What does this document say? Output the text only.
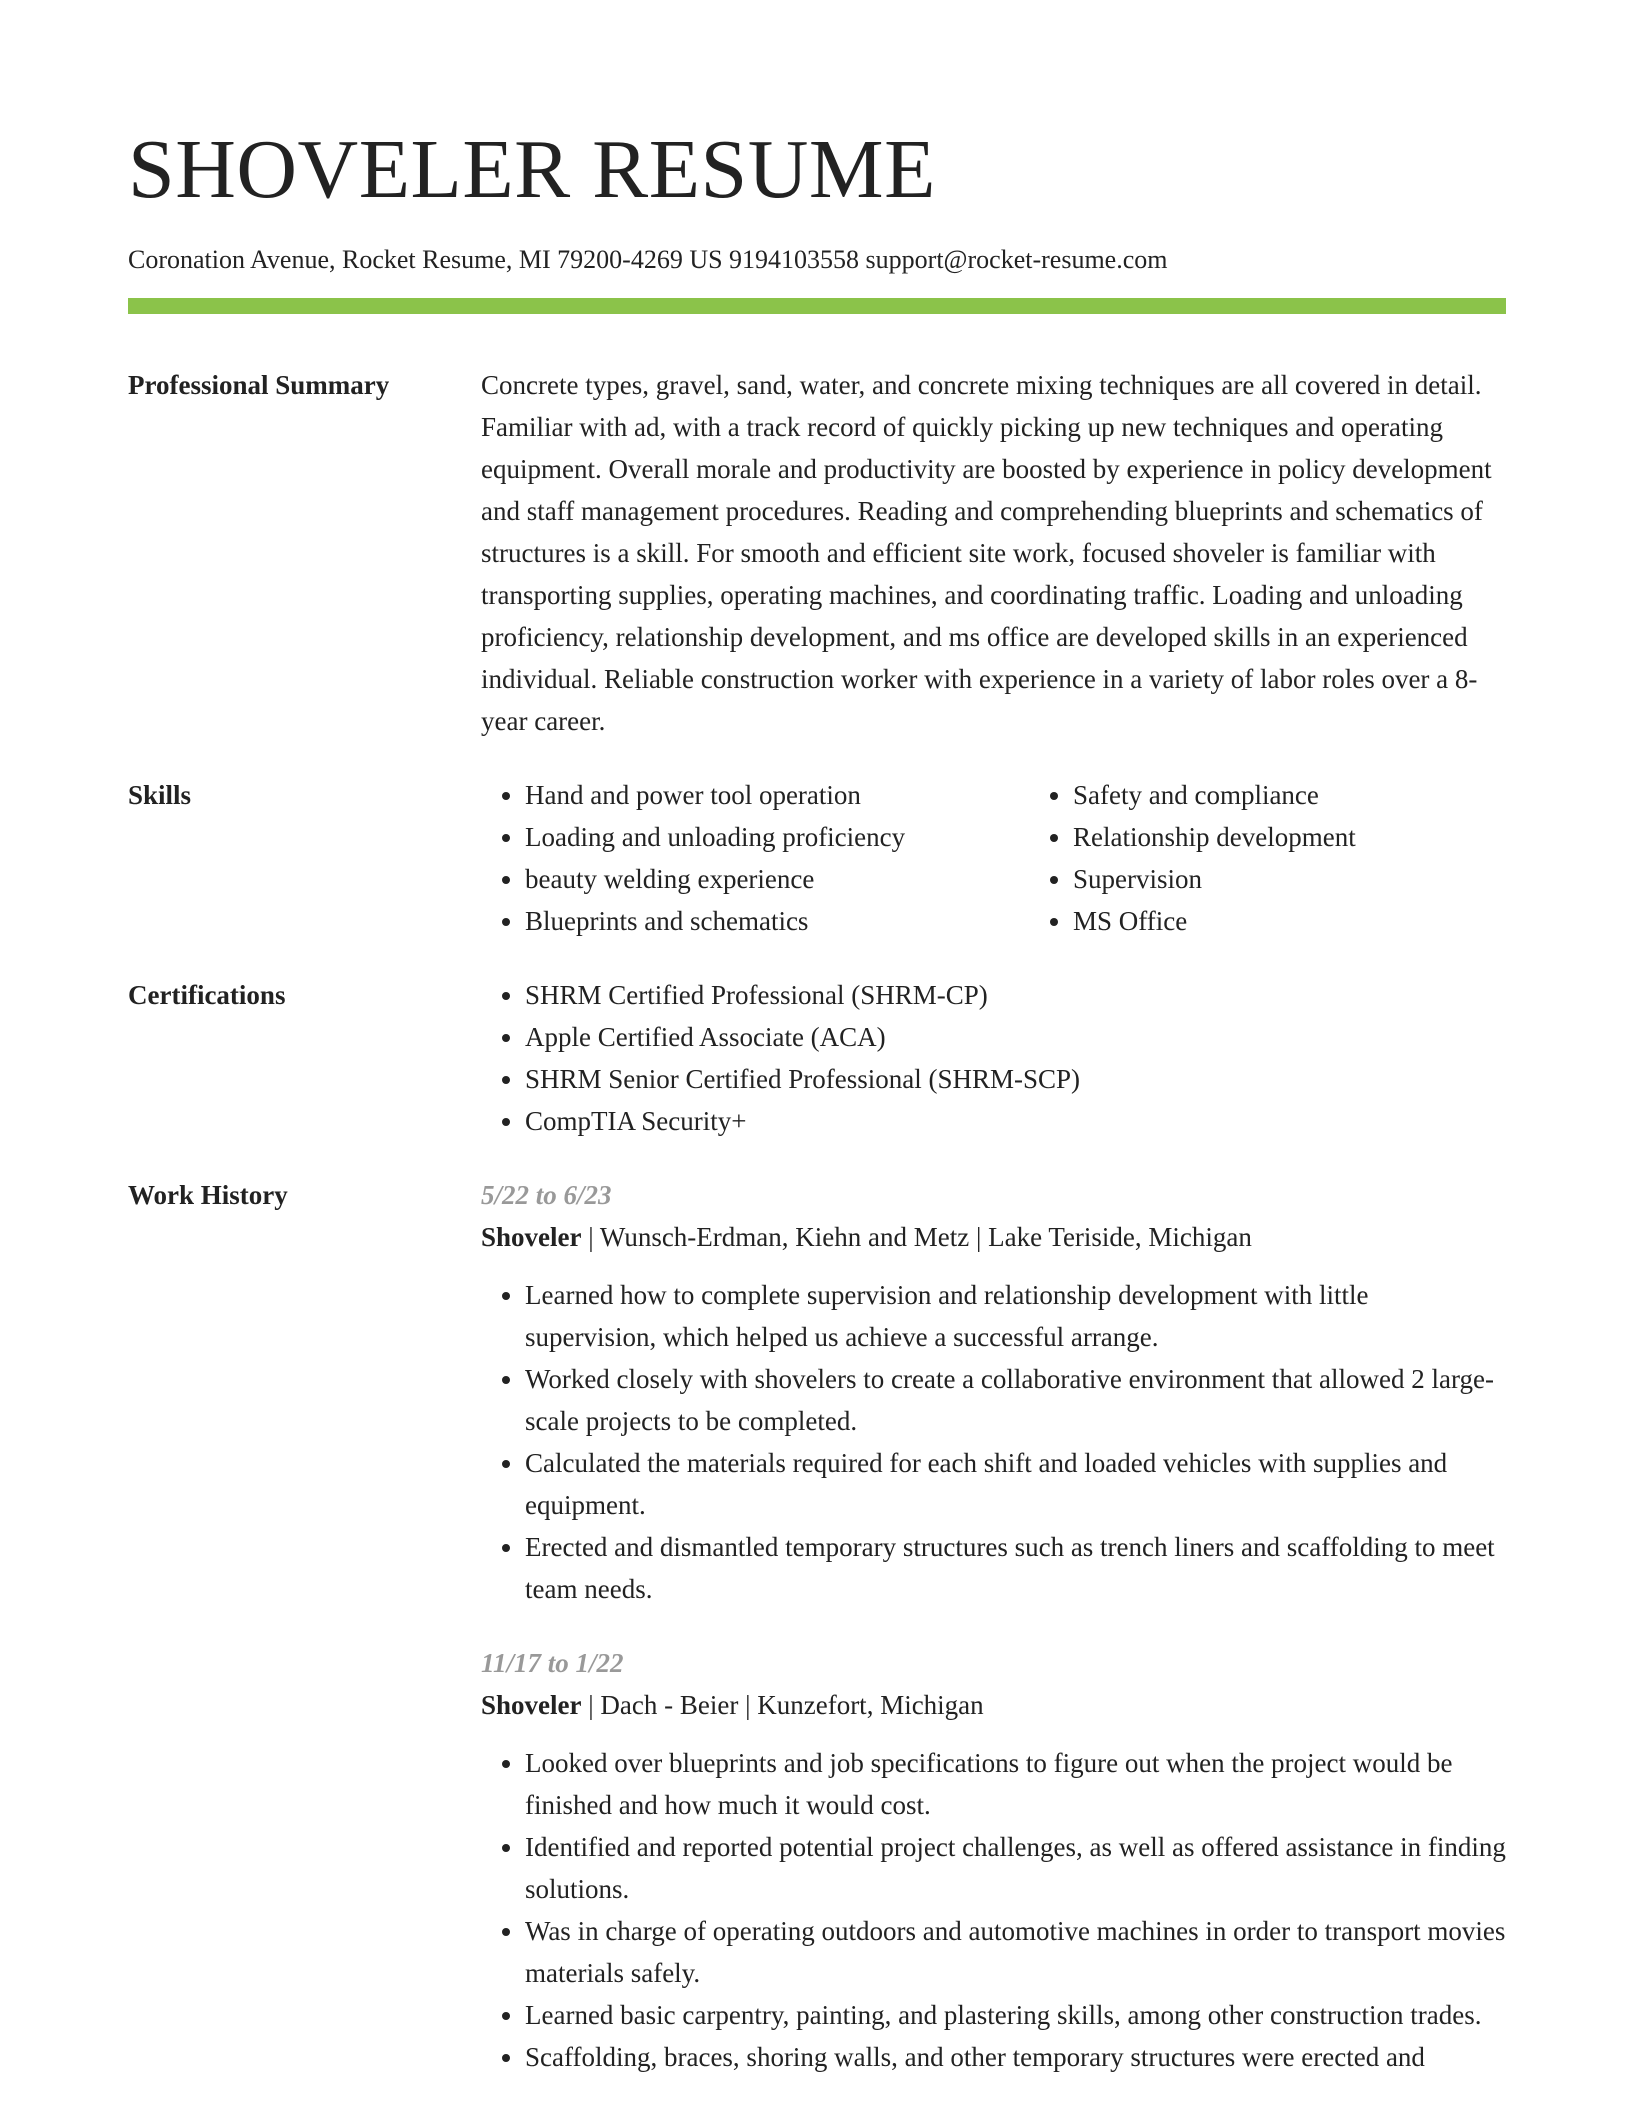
SHOVELER RESUME
Coronation Avenue, Rocket Resume, MI 79200-4269 US 9194103558 support@rocket-resume.com
Professional Summary	Concrete types, gravel, sand, water, and concrete mixing techniques are all covered in detail. Familiar with ad, with a track record of quickly picking up new techniques and operating equipment. Overall morale and productivity are boosted by experience in policy development and staff management procedures. Reading and comprehending blueprints and schematics of structures is a skill. For smooth and efficient site work, focused shoveler is familiar with transporting supplies, operating machines, and coordinating traffic. Loading and unloading proficiency, relationship development, and ms office are developed skills in an experienced individual. Reliable construction worker with experience in a variety of labor roles over a 8-year career.
Skills	• Hand and power tool operation
• Loading and unloading proficiency
• beauty welding experience
• Blueprints and schematics
• Safety and compliance
• Relationship development
• Supervision
• MS Office
Certifications	• SHRM Certified Professional (SHRM-CP)
• Apple Certified Associate (ACA)
• SHRM Senior Certified Professional (SHRM-SCP)
• CompTIA Security+
Work History	5/22 to 6/23
Shoveler | Wunsch-Erdman, Kiehn and Metz | Lake Teriside, Michigan
• Learned how to complete supervision and relationship development with little supervision, which helped us achieve a successful arrange.
• Worked closely with shovelers to create a collaborative environment that allowed 2 large-scale projects to be completed.
• Calculated the materials required for each shift and loaded vehicles with supplies and equipment.
• Erected and dismantled temporary structures such as trench liners and scaffolding to meet team needs.
11/17 to 1/22
Shoveler | Dach - Beier | Kunzefort, Michigan
• Looked over blueprints and job specifications to figure out when the project would be finished and how much it would cost.
• Identified and reported potential project challenges, as well as offered assistance in finding solutions.
• Was in charge of operating outdoors and automotive machines in order to transport movies materials safely.
• Learned basic carpentry, painting, and plastering skills, among other construction trades.
• Scaffolding, braces, shoring walls, and other temporary structures were erected and
